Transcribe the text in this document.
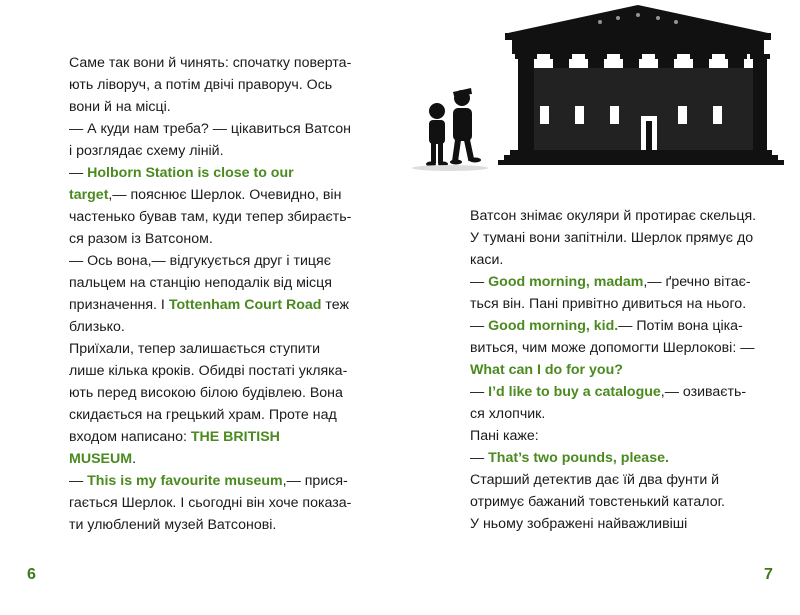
Саме так вони й чинять: спочатку поверта-
ють ліворуч, а потім двічі праворуч. Ось
вони й на місці.
— А куди нам треба? — цікавиться Ватсон
і розглядає схему ліній.
— Holborn Station is close to our
target,— пояснює Шерлок. Очевидно, він
частенько бував там, куди тепер збираєть-
ся разом із Ватсоном.
— Ось вона,— відгукується друг і тицяє
пальцем на станцію неподалік від місця
призначення. І Tottenham Court Road теж
близько.
Приїхали, тепер залишається ступити
лише кілька кроків. Обидві постаті укляка-
ють перед високою білою будівлею. Вона
скидається на грецький храм. Проте над
входом написано: THE BRITISH
MUSEUM.
— This is my favourite museum,— прися-
гається Шерлок. І сьогодні він хоче показа-
ти улюблений музей Ватсонові.
6
Ватсон знімає окуляри й протирає скельця.
У тумані вони запітніли. Шерлок прямує до
каси.
— Good morning, madam,— ґречно вітає-
ться він. Пані привітно дивиться на нього.
— Good morning, kid.— Потім вона ціка-
виться, чим може допомогти Шерлокові: —
What can I do for you?
— I’d like to buy a catalogue,— озиваєть-
ся хлопчик.
Пані каже:
— That’s two pounds, please.
Старший детектив дає їй два фунти й
отримує бажаний товстенький каталог.
У ньому зображені найважливіші
7
